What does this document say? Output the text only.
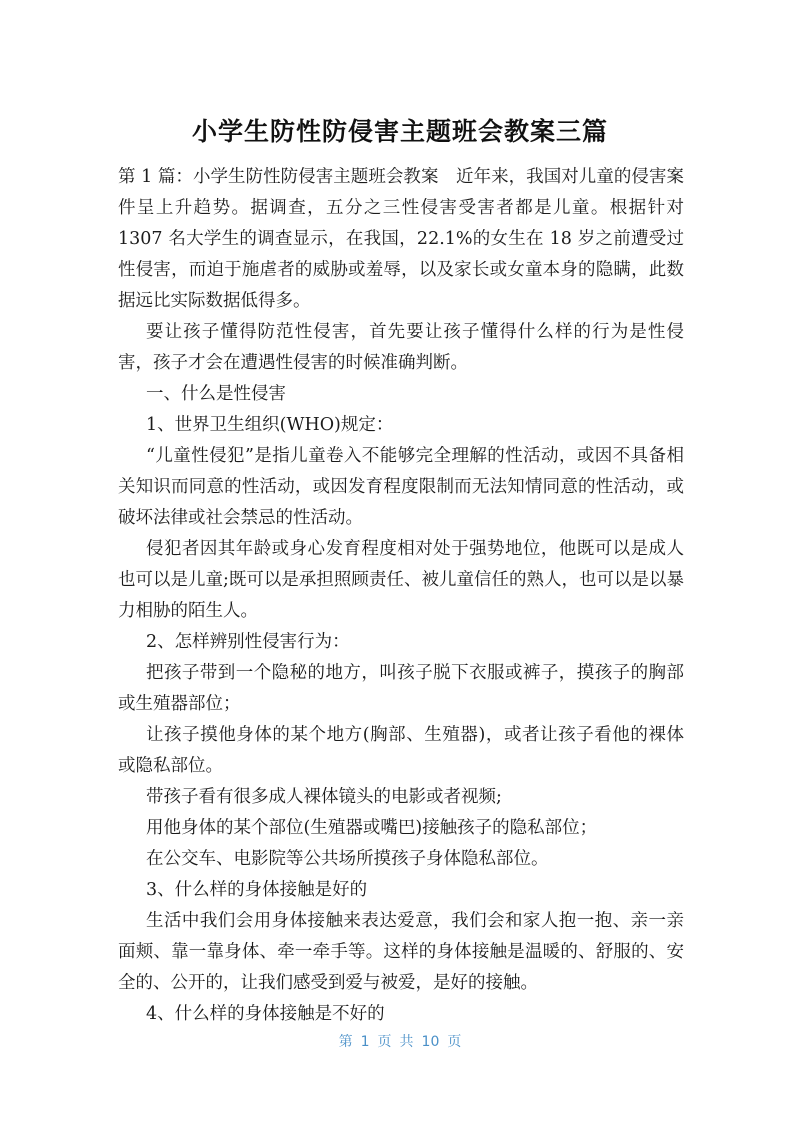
小学生防性防侵害主题班会教案三篇

第 1 篇：小学生防性防侵害主题班会教案　近年来，我国对儿童的侵害案件呈上升趋势。据调查，五分之三性侵害受害者都是儿童。根据针对 1307 名大学生的调查显示，在我国，22.1%的女生在 18 岁之前遭受过性侵害，而迫于施虐者的威胁或羞辱，以及家长或女童本身的隐瞒，此数据远比实际数据低得多。

要让孩子懂得防范性侵害，首先要让孩子懂得什么样的行为是性侵害，孩子才会在遭遇性侵害的时候准确判断。

一、什么是性侵害

1、世界卫生组织(WHO)规定：

“儿童性侵犯”是指儿童卷入不能够完全理解的性活动，或因不具备相关知识而同意的性活动，或因发育程度限制而无法知情同意的性活动，或破坏法律或社会禁忌的性活动。

侵犯者因其年龄或身心发育程度相对处于强势地位，他既可以是成人也可以是儿童;既可以是承担照顾责任、被儿童信任的熟人，也可以是以暴力相胁的陌生人。

2、怎样辨别性侵害行为：

把孩子带到一个隐秘的地方，叫孩子脱下衣服或裤子，摸孩子的胸部或生殖器部位；

让孩子摸他身体的某个地方(胸部、生殖器)，或者让孩子看他的裸体或隐私部位。

带孩子看有很多成人裸体镜头的电影或者视频;

用他身体的某个部位(生殖器或嘴巴)接触孩子的隐私部位；

在公交车、电影院等公共场所摸孩子身体隐私部位。

3、什么样的身体接触是好的

生活中我们会用身体接触来表达爱意，我们会和家人抱一抱、亲一亲面颊、靠一靠身体、牵一牵手等。这样的身体接触是温暖的、舒服的、安全的、公开的，让我们感受到爱与被爱，是好的接触。

4、什么样的身体接触是不好的

第 1 页 共 10 页
